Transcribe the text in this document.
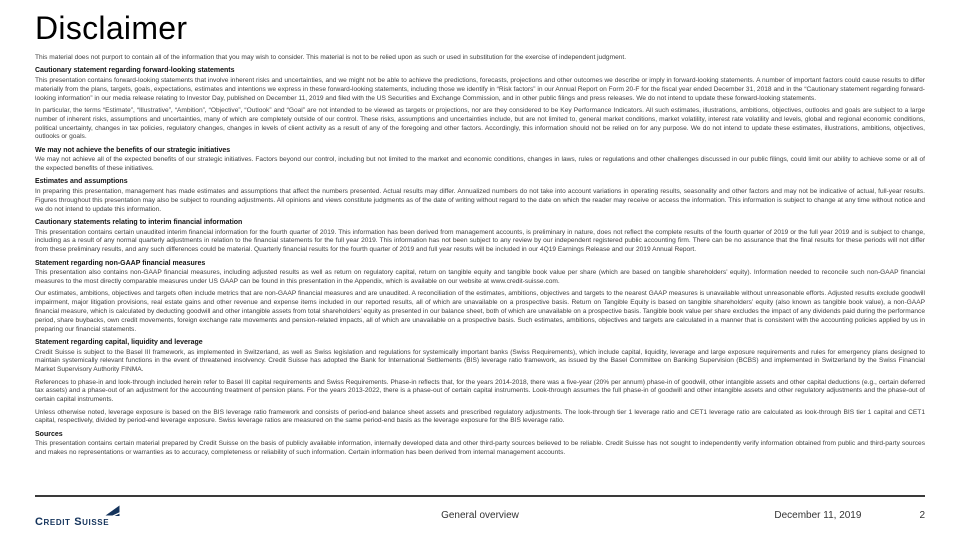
Disclaimer

This material does not purport to contain all of the information that you may wish to consider. This material is not to be relied upon as such or used in substitution for the exercise of independent judgment.

Cautionary statement regarding forward-looking statements

This presentation contains forward-looking statements that involve inherent risks and uncertainties, and we might not be able to achieve the predictions, forecasts, projections and other outcomes we describe or imply in forward-looking statements. A number of important factors could cause results to differ materially from the plans, targets, goals, expectations, estimates and intentions we express in these forward-looking statements, including those we identify in “Risk factors” in our Annual Report on Form 20-F for the fiscal year ended December 31, 2018 and in the “Cautionary statement regarding forward-looking information” in our media release relating to Investor Day, published on December 11, 2019 and filed with the US Securities and Exchange Commission, and in other public filings and press releases. We do not intend to update these forward-looking statements.

In particular, the terms “Estimate”, “Illustrative”, “Ambition”, “Objective”, “Outlook” and “Goal” are not intended to be viewed as targets or projections, nor are they considered to be Key Performance Indicators. All such estimates, illustrations, ambitions, objectives, outlooks and goals are subject to a large number of inherent risks, assumptions and uncertainties, many of which are completely outside of our control. These risks, assumptions and uncertainties include, but are not limited to, general market conditions, market volatility, interest rate volatility and levels, global and regional economic conditions, political uncertainty, changes in tax policies, regulatory changes, changes in levels of client activity as a result of any of the foregoing and other factors. Accordingly, this information should not be relied on for any purpose. We do not intend to update these estimates, illustrations, ambitions, objectives, outlooks or goals.

We may not achieve the benefits of our strategic initiatives

We may not achieve all of the expected benefits of our strategic initiatives. Factors beyond our control, including but not limited to the market and economic conditions, changes in laws, rules or regulations and other challenges discussed in our public filings, could limit our ability to achieve some or all of the expected benefits of these initiatives.

Estimates and assumptions

In preparing this presentation, management has made estimates and assumptions that affect the numbers presented. Actual results may differ. Annualized numbers do not take into account variations in operating results, seasonality and other factors and may not be indicative of actual, full-year results. Figures throughout this presentation may also be subject to rounding adjustments. All opinions and views constitute judgments as of the date of writing without regard to the date on which the reader may receive or access the information. This information is subject to change at any time without notice and we do not intend to update this information.

Cautionary statements relating to interim financial information

This presentation contains certain unaudited interim financial information for the fourth quarter of 2019. This information has been derived from management accounts, is preliminary in nature, does not reflect the complete results of the fourth quarter of 2019 or the full year 2019 and is subject to change, including as a result of any normal quarterly adjustments in relation to the financial statements for the full year 2019. This information has not been subject to any review by our independent registered public accounting firm. There can be no assurance that the final results for these periods will not differ from these preliminary results, and any such differences could be material. Quarterly financial results for the fourth quarter of 2019 and full year results will be included in our 4Q19 Earnings Release and our 2019 Annual Report.

Statement regarding non-GAAP financial measures

This presentation also contains non-GAAP financial measures, including adjusted results as well as return on regulatory capital, return on tangible equity and tangible book value per share (which are based on tangible shareholders’ equity). Information needed to reconcile such non-GAAP financial measures to the most directly comparable measures under US GAAP can be found in this presentation in the Appendix, which is available on our website at www.credit-suisse.com.

Our estimates, ambitions, objectives and targets often include metrics that are non-GAAP financial measures and are unaudited. A reconciliation of the estimates, ambitions, objectives and targets to the nearest GAAP measures is unavailable without unreasonable efforts. Adjusted results exclude goodwill impairment, major litigation provisions, real estate gains and other revenue and expense items included in our reported results, all of which are unavailable on a prospective basis. Return on Tangible Equity is based on tangible shareholders’ equity (also known as tangible book value), a non-GAAP financial measure, which is calculated by deducting goodwill and other intangible assets from total shareholders’ equity as presented in our balance sheet, both of which are unavailable on a prospective basis. Tangible book value per share excludes the impact of any dividends paid during the performance period, share buybacks, own credit movements, foreign exchange rate movements and pension-related impacts, all of which are unavailable on a prospective basis. Such estimates, ambitions, objectives and targets are calculated in a manner that is consistent with the accounting policies applied by us in preparing our financial statements.

Statement regarding capital, liquidity and leverage

Credit Suisse is subject to the Basel III framework, as implemented in Switzerland, as well as Swiss legislation and regulations for systemically important banks (Swiss Requirements), which include capital, liquidity, leverage and large exposure requirements and rules for emergency plans designed to maintain systemically relevant functions in the event of threatened insolvency. Credit Suisse has adopted the Bank for International Settlements (BIS) leverage ratio framework, as issued by the Basel Committee on Banking Supervision (BCBS) and implemented in Switzerland by the Swiss Financial Market Supervisory Authority FINMA.

References to phase-in and look-through included herein refer to Basel III capital requirements and Swiss Requirements. Phase-in reflects that, for the years 2014-2018, there was a five-year (20% per annum) phase-in of goodwill, other intangible assets and other capital deductions (e.g., certain deferred tax assets) and a phase-out of an adjustment for the accounting treatment of pension plans. For the years 2013-2022, there is a phase-out of certain capital instruments. Look-through assumes the full phase-in of goodwill and other intangible assets and other regulatory adjustments and the phase-out of certain capital instruments.

Unless otherwise noted, leverage exposure is based on the BIS leverage ratio framework and consists of period-end balance sheet assets and prescribed regulatory adjustments. The look-through tier 1 leverage ratio and CET1 leverage ratio are calculated as look-through BIS tier 1 capital and CET1 capital, respectively, divided by period-end leverage exposure. Swiss leverage ratios are measured on the same period-end basis as the leverage exposure for the BIS leverage ratio.

Sources

This presentation contains certain material prepared by Credit Suisse on the basis of publicly available information, internally developed data and other third-party sources believed to be reliable. Credit Suisse has not sought to independently verify information obtained from public and third-party sources and makes no representations or warranties as to accuracy, completeness or reliability of such information. Certain information has been derived from internal management accounts.

Credit Suisse
General overview	December 11, 2019	2
